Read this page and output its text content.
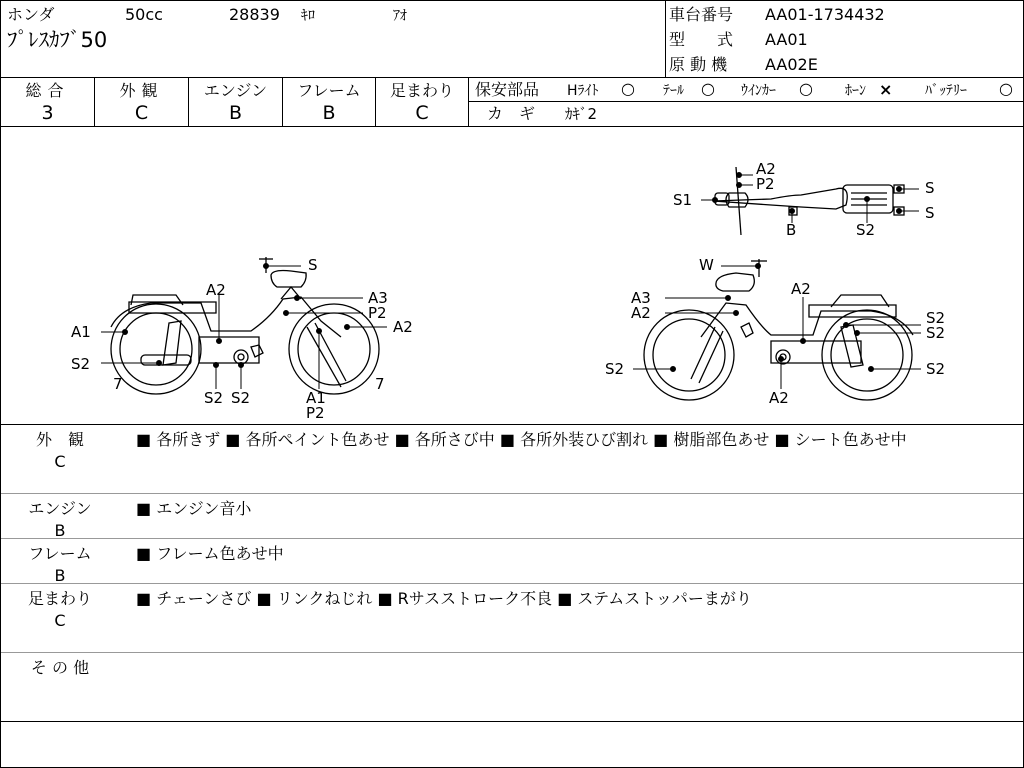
ホンダ	50cc	28839 ｷﾛ	ｱｵ
ﾌﾟﾚｽｶﾌﾞ50
車台番号 AA01-1734432
型　　式 AA01
原 動 機 AA02E
総合
3
外観
C
エンジン
B
フレーム
B
足まわり
C
保安部品 Hﾗｲﾄ ○ ﾃｰﾙ ○ ｳｲﾝｶｰ ○ ﾎｰﾝ × ﾊﾞｯﾃﾘｰ ○
カ　ギ ｶｷﾞ2
S
A2	A3
P2
A2
A1
S2
7
S2 S2	A1
P2
7
W
A3
A2
A2
S2
S2
S2	S2
A2
A2
P2
S1
B	S2
S
S
外　観
C
■ 各所きず ■ 各所ペイント色あせ ■ 各所さび中 ■ 各所外装ひび割れ ■ 樹脂部色あせ ■ シート色あせ中
エンジン
B
■ エンジン音小
フレーム
B
■ フレーム色あせ中
足まわり
C
■ チェーンさび ■ リンクねじれ ■ Rサスストローク不良 ■ ステムストッパーまがり
そ の 他
